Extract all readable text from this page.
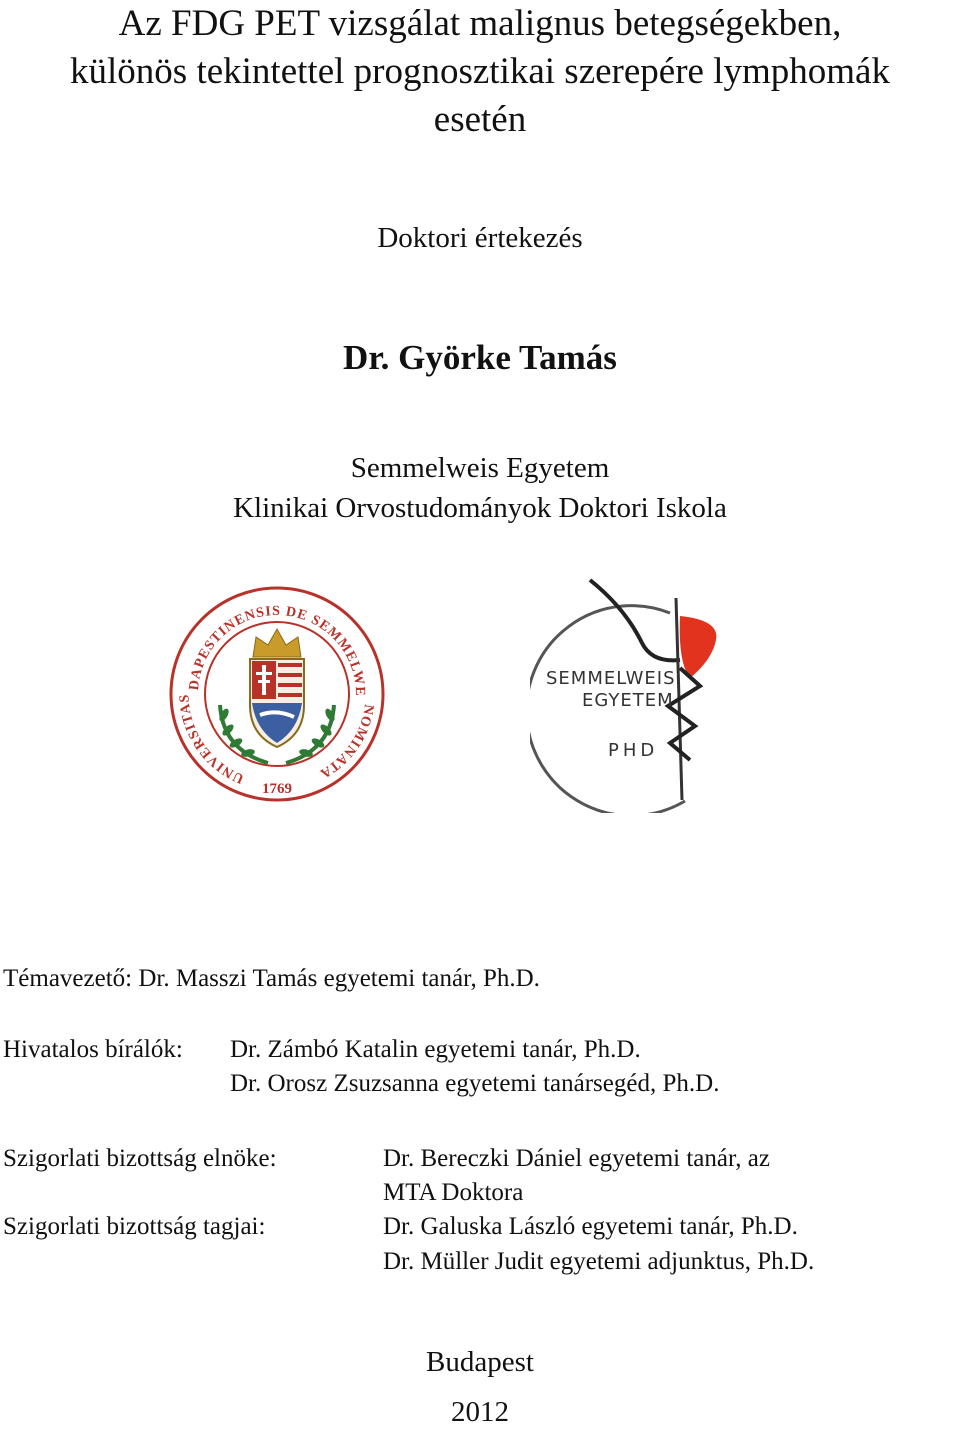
Az FDG PET vizsgálat malignus betegségekben,
különös tekintettel prognosztikai szerepére lymphomák
esetén
Doktori értekezés
Dr. Györke Tamás
Semmelweis Egyetem
Klinikai Orvostudományok Doktori Iskola
DAPESTINENSIS DE SEMMELWE
UNIVERSITAS
NOMINATA
1769
SEMMELWEIS
EGYETEM
PHD
Témavezető: Dr. Masszi Tamás egyetemi tanár, Ph.D.
Hivatalos bírálók: Dr. Zámbó Katalin egyetemi tanár, Ph.D.
Dr. Orosz Zsuzsanna egyetemi tanársegéd, Ph.D.
Szigorlati bizottság elnöke:	Dr. Bereczki Dániel egyetemi tanár, az
MTA Doktora
Szigorlati bizottság tagjai:	Dr. Galuska László egyetemi tanár, Ph.D.
Dr. Müller Judit egyetemi adjunktus, Ph.D.
Budapest
2012
